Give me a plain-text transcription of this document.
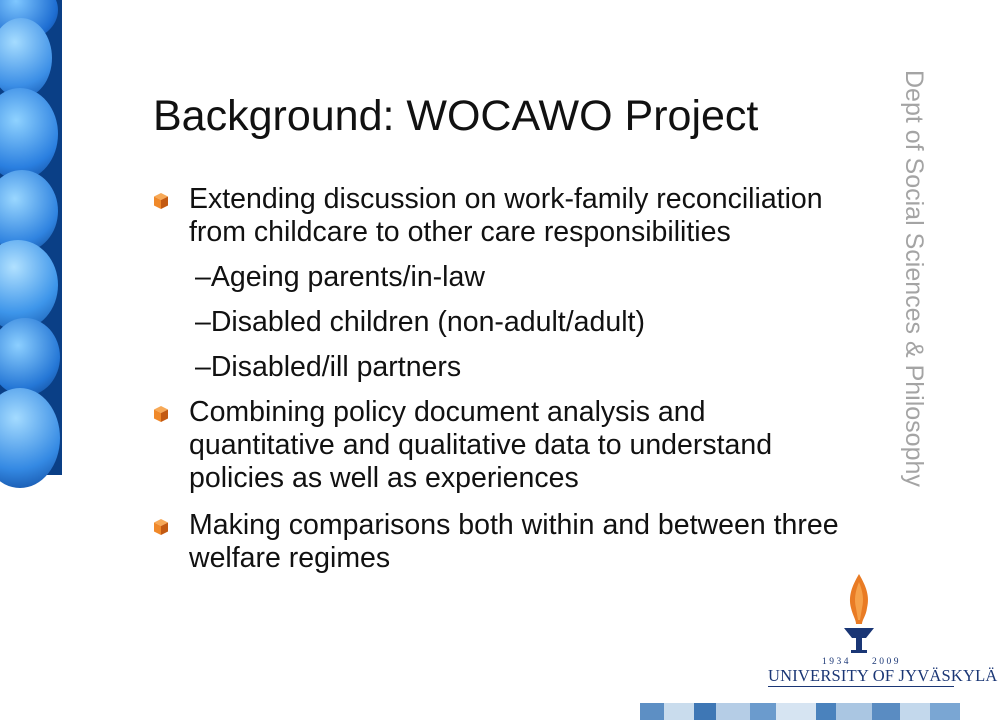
Background: WOCAWO Project
Extending discussion on work-family reconciliation from childcare to other care responsibilities
–Ageing parents/in-law
–Disabled children (non-adult/adult)
–Disabled/ill partners
Combining policy document analysis and quantitative and qualitative data to understand policies as well as experiences
Making comparisons both within and between three welfare regimes
Dept of Social Sciences & Philosophy
1934 2009
UNIVERSITY OF JYVÄSKYLÄ
